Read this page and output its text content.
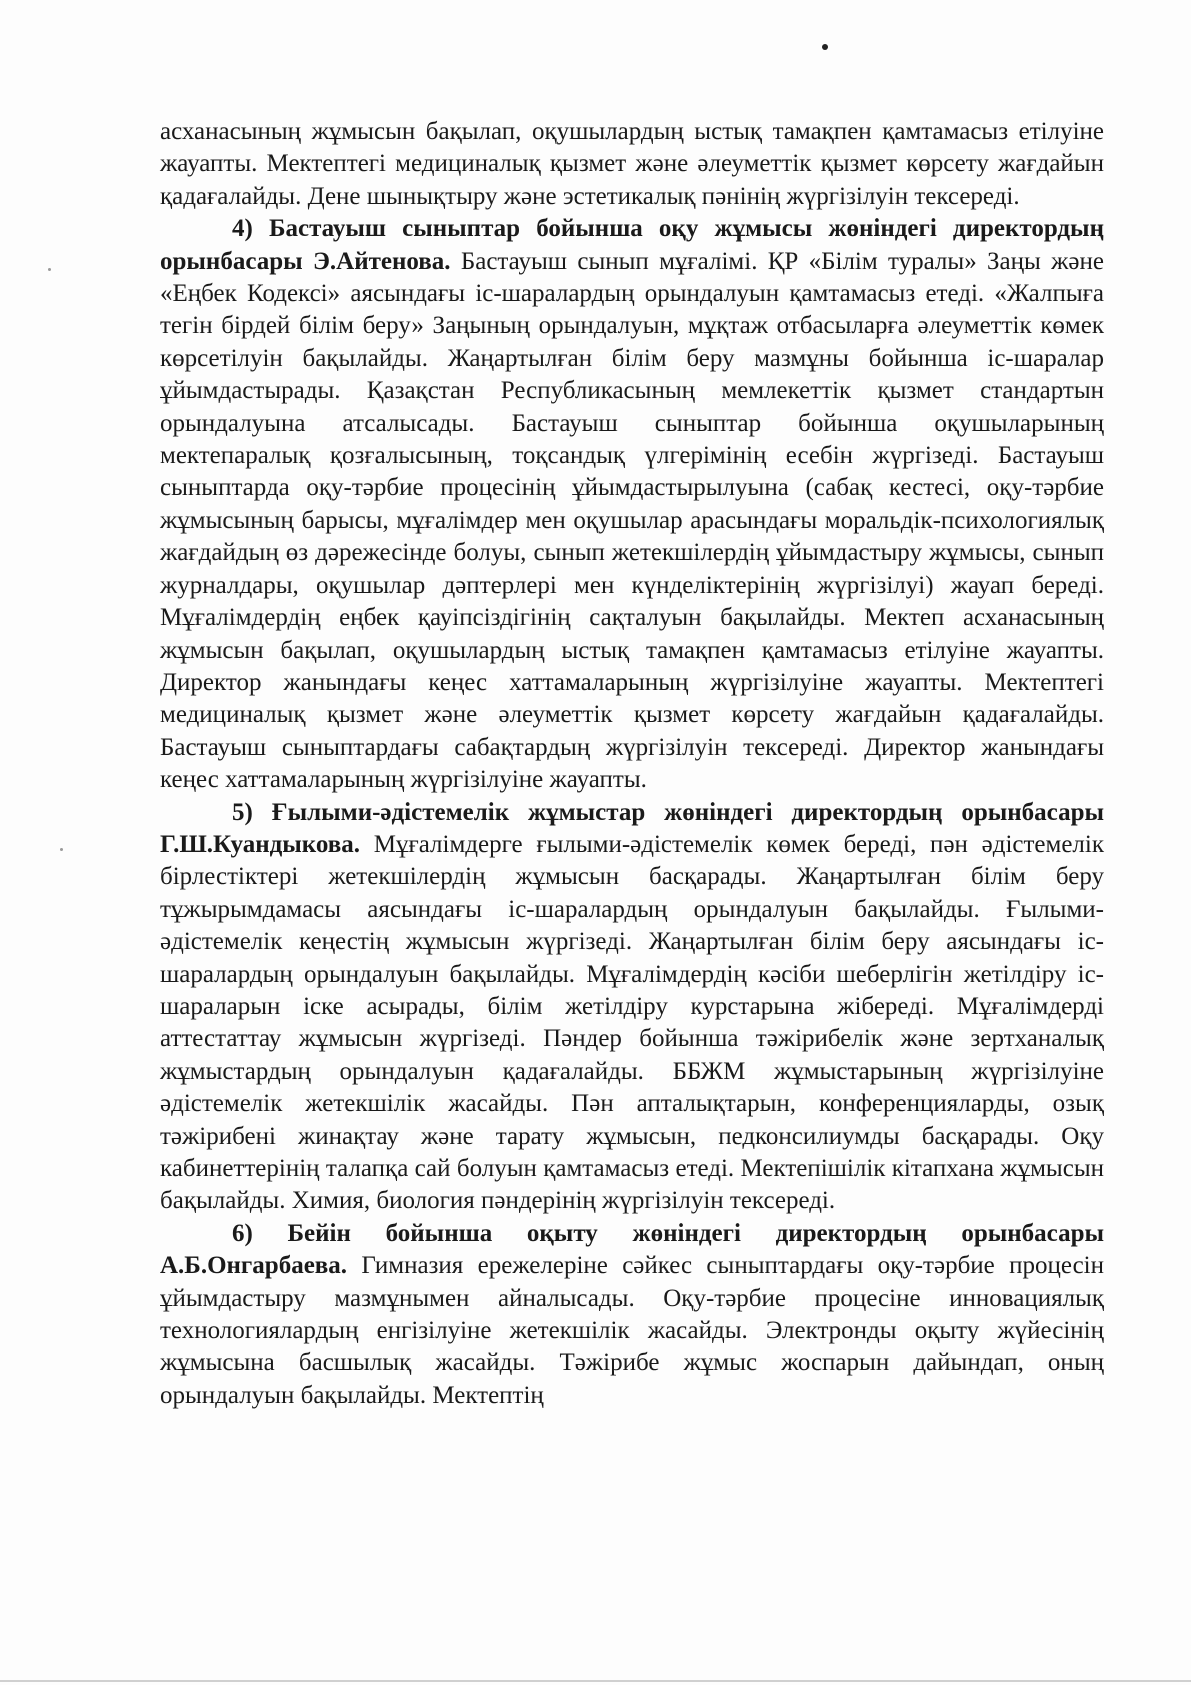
асханасының жұмысын бақылап, оқушылардың ыстық тамақпен қамтамасыз етілуіне жауапты. Мектептегі медициналық қызмет және әлеуметтік қызмет көрсету жағдайын қадағалайды. Дене шынықтыру және эстетикалық пәнінің жүргізілуін тексереді.

4) Бастауыш сыныптар бойынша оқу жұмысы жөніндегі директордың орынбасары Э.Айтенова. Бастауыш сынып мұғалімі. ҚР «Білім туралы» Заңы және «Еңбек Кодексі» аясындағы іс-шаралардың орындалуын қамтамасыз етеді. «Жалпыға тегін бірдей білім беру» Заңының орындалуын, мұқтаж отбасыларға әлеуметтік көмек көрсетілуін бақылайды. Жаңартылған білім беру мазмұны бойынша іс-шаралар ұйымдастырады. Қазақстан Республикасының мемлекеттік қызмет стандартын орындалуына атсалысады. Бастауыш сыныптар бойынша оқушыларының мектепаралық қозғалысының, тоқсандық үлгерімінің есебін жүргізеді. Бастауыш сыныптарда оқу-тәрбие процесінің ұйымдастырылуына (сабақ кестесі, оқу-тәрбие жұмысының барысы, мұғалімдер мен оқушылар арасындағы моральдік-психологиялық жағдайдың өз дәрежесінде болуы, сынып жетекшілердің ұйымдастыру жұмысы, сынып журналдары, оқушылар дәптерлері мен күнделіктерінің жүргізілуі) жауап береді. Мұғалімдердің еңбек қауіпсіздігінің сақталуын бақылайды. Мектеп асханасының жұмысын бақылап, оқушылардың ыстық тамақпен қамтамасыз етілуіне жауапты. Директор жанындағы кеңес хаттамаларының жүргізілуіне жауапты. Мектептегі медициналық қызмет және әлеуметтік қызмет көрсету жағдайын қадағалайды. Бастауыш сыныптардағы сабақтардың жүргізілуін тексереді. Директор жанындағы кеңес хаттамаларының жүргізілуіне жауапты.

5) Ғылыми-әдістемелік жұмыстар жөніндегі директордың орынбасары Г.Ш.Куандыкова. Мұғалімдерге ғылыми-әдістемелік көмек береді, пән әдістемелік бірлестіктері жетекшілердің жұмысын басқарады. Жаңартылған білім беру тұжырымдамасы аясындағы іс-шаралардың орындалуын бақылайды. Ғылыми-әдістемелік кеңестің жұмысын жүргізеді. Жаңартылған білім беру аясындағы іс-шаралардың орындалуын бақылайды. Мұғалімдердің кәсіби шеберлігін жетілдіру іс-шараларын іске асырады, білім жетілдіру курстарына жібереді. Мұғалімдерді аттестаттау жұмысын жүргізеді. Пәндер бойынша тәжірибелік және зертханалық жұмыстардың орындалуын қадағалайды. ББЖМ жұмыстарының жүргізілуіне әдістемелік жетекшілік жасайды. Пән апталықтарын, конференцияларды, озық тәжірибені жинақтау және тарату жұмысын, педконсилиумды басқарады. Оқу кабинеттерінің талапқа сай болуын қамтамасыз етеді. Мектепішілік кітапхана жұмысын бақылайды. Химия, биология пәндерінің жүргізілуін тексереді.

6) Бейін бойынша оқыту жөніндегі директордың орынбасары А.Б.Онгарбаева. Гимназия ережелеріне сәйкес сыныптардағы оқу-тәрбие процесін ұйымдастыру мазмұнымен айналысады. Оқу-тәрбие процесіне инновациялық технологиялардың енгізілуіне жетекшілік жасайды. Электронды оқыту жүйесінің жұмысына басшылық жасайды. Тәжірибе жұмыс жоспарын дайындап, оның орындалуын бақылайды. Мектептің
